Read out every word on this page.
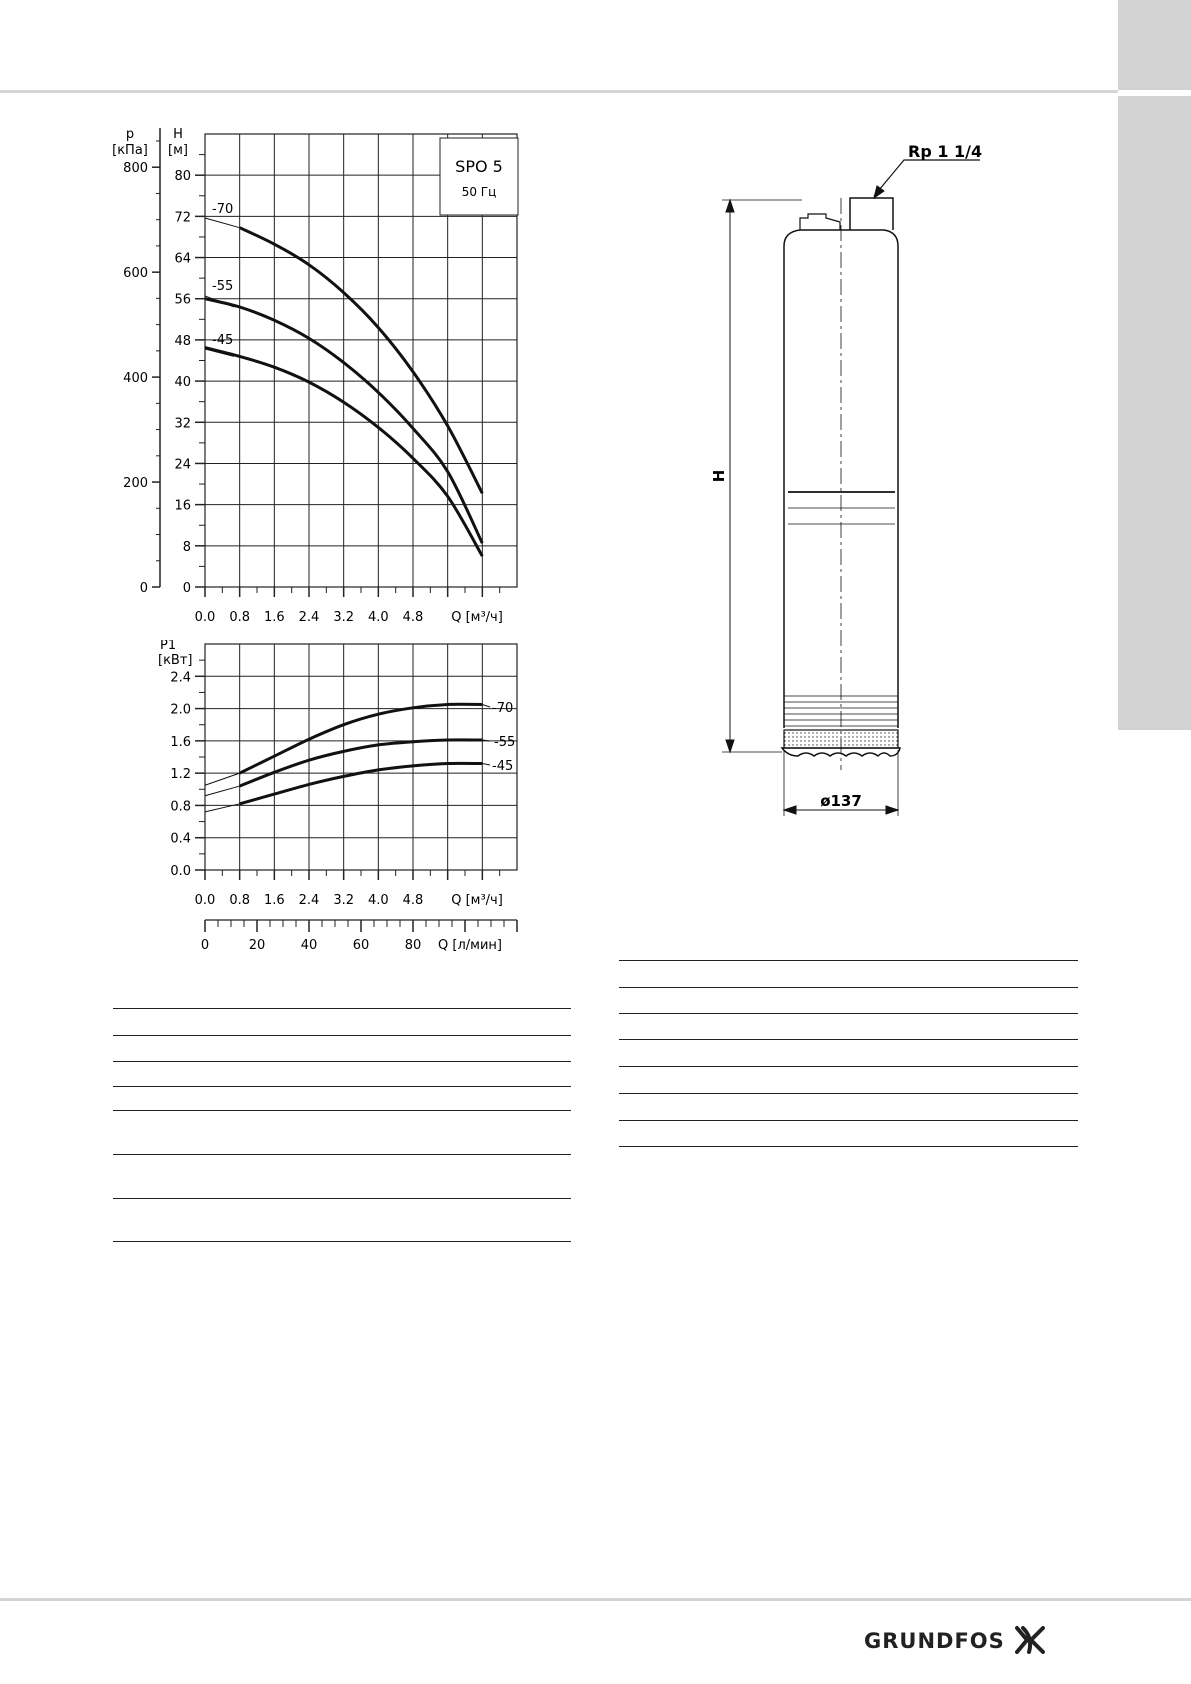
SPO 5
50 Гц
0
8
16
24
32
40
48
56
64
72
80
0
200
400
600
800
0.0 0.8 1.6 2.4 3.2 4.0 4.8
p
[кПа]
H
[м]
Q [м³/ч]
-70
-55
-45
0.0
0.4
0.8
1.2
1.6
2.0
2.4
0.0 0.8 1.6 2.4 3.2 4.0 4.8
0	20	40	60	80
P1
[кВт]
Q [м³/ч]
Q [л/мин]
-70
-55
-45
Rp 1 1/4
ø137
H
GRUNDFOS
